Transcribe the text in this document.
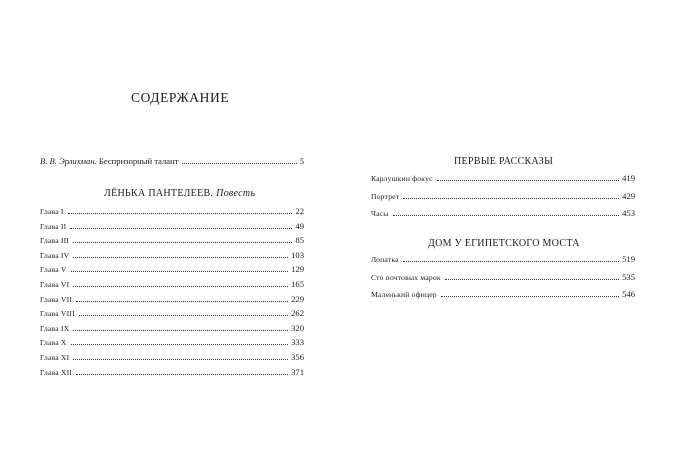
СОДЕРЖАНИЕ
В. В. Эрлихман. Беспризорный талант	5
ЛЁНЬКА ПАНТЕЛЕЕВ. Повесть
Глава I	22
Глава II	49
Глава III	85
Глава IV	103
Глава V	129
Глава VI	165
Глава VII	229
Глава VIII	262
Глава IX	320
Глава X	333
Глава XI	356
Глава XII	371
ПЕРВЫЕ РАССКАЗЫ
ДОМ У ЕГИПЕТСКОГО МОСТА
Карлушкин фокус	419
Портрет	429
Часы	453
Лопатка	519
Сто почтовых марок	535
Маленький офицер	546
